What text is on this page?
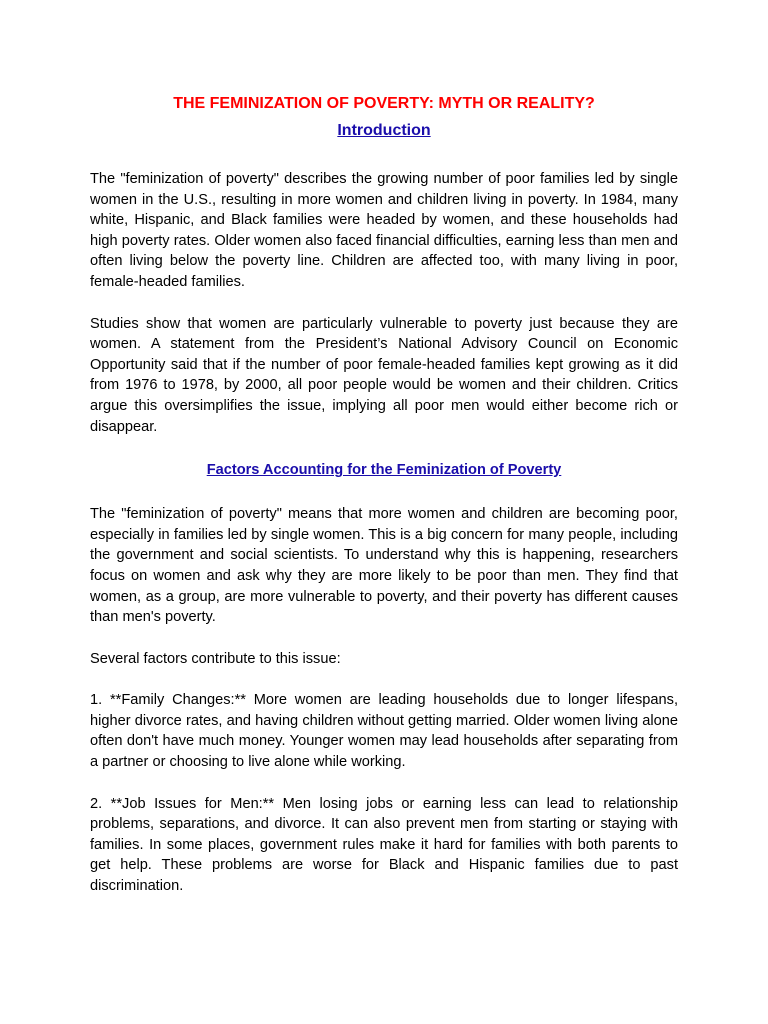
THE FEMINIZATION OF POVERTY: MYTH OR REALITY?
Introduction

The "feminization of poverty" describes the growing number of poor families led by single women in the U.S., resulting in more women and children living in poverty. In 1984, many white, Hispanic, and Black families were headed by women, and these households had high poverty rates. Older women also faced financial difficulties, earning less than men and often living below the poverty line. Children are affected too, with many living in poor, female-headed families.

Studies show that women are particularly vulnerable to poverty just because they are women. A statement from the President’s National Advisory Council on Economic Opportunity said that if the number of poor female-headed families kept growing as it did from 1976 to 1978, by 2000, all poor people would be women and their children. Critics argue this oversimplifies the issue, implying all poor men would either become rich or disappear.

Factors Accounting for the Feminization of Poverty

The "feminization of poverty" means that more women and children are becoming poor, especially in families led by single women. This is a big concern for many people, including the government and social scientists. To understand why this is happening, researchers focus on women and ask why they are more likely to be poor than men. They find that women, as a group, are more vulnerable to poverty, and their poverty has different causes than men's poverty.

Several factors contribute to this issue:

1. **Family Changes:** More women are leading households due to longer lifespans, higher divorce rates, and having children without getting married. Older women living alone often don't have much money. Younger women may lead households after separating from a partner or choosing to live alone while working.

2. **Job Issues for Men:** Men losing jobs or earning less can lead to relationship problems, separations, and divorce. It can also prevent men from starting or staying with families. In some places, government rules make it hard for families with both parents to get help. These problems are worse for Black and Hispanic families due to past discrimination.
